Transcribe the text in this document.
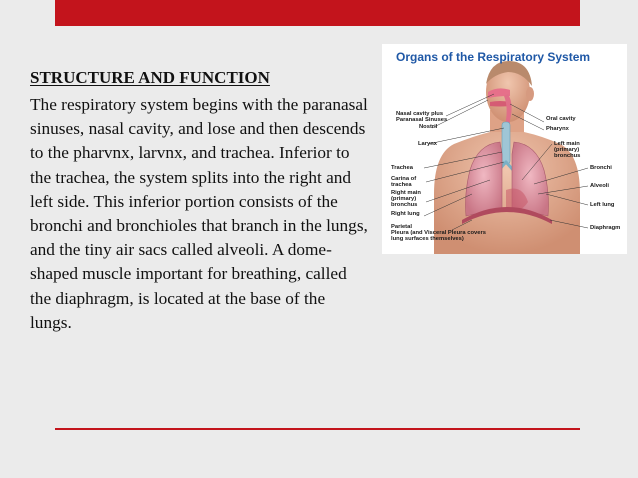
STRUCTURE AND FUNCTION

The respiratory system begins with the paranasal sinuses, nasal cavity, and lose and then descends to the pharvnx, larvnx, and trachea. Inferior to the trachea, the system splits into the right and left side. This inferior portion consists of the bronchi and bronchioles that branch in the lungs, and the tiny air sacs called alveoli. A dome-shaped muscle important for breathing, called the diaphragm, is located at the base of the lungs.

Organs of the Respiratory System

Nasal cavity plus
Paranasal Sinuses
Nostril
Larynx
Trachea
Carina of
trachea
Right main
(primary)
bronchus
Right lung
Parietal
Pleura (and Visceral Pleura covers
lung surfaces themselves)
Oral cavity
Pharynx
Left main
(primary)
bronchus
Bronchi
Alveoli
Left lung
Diaphragm
